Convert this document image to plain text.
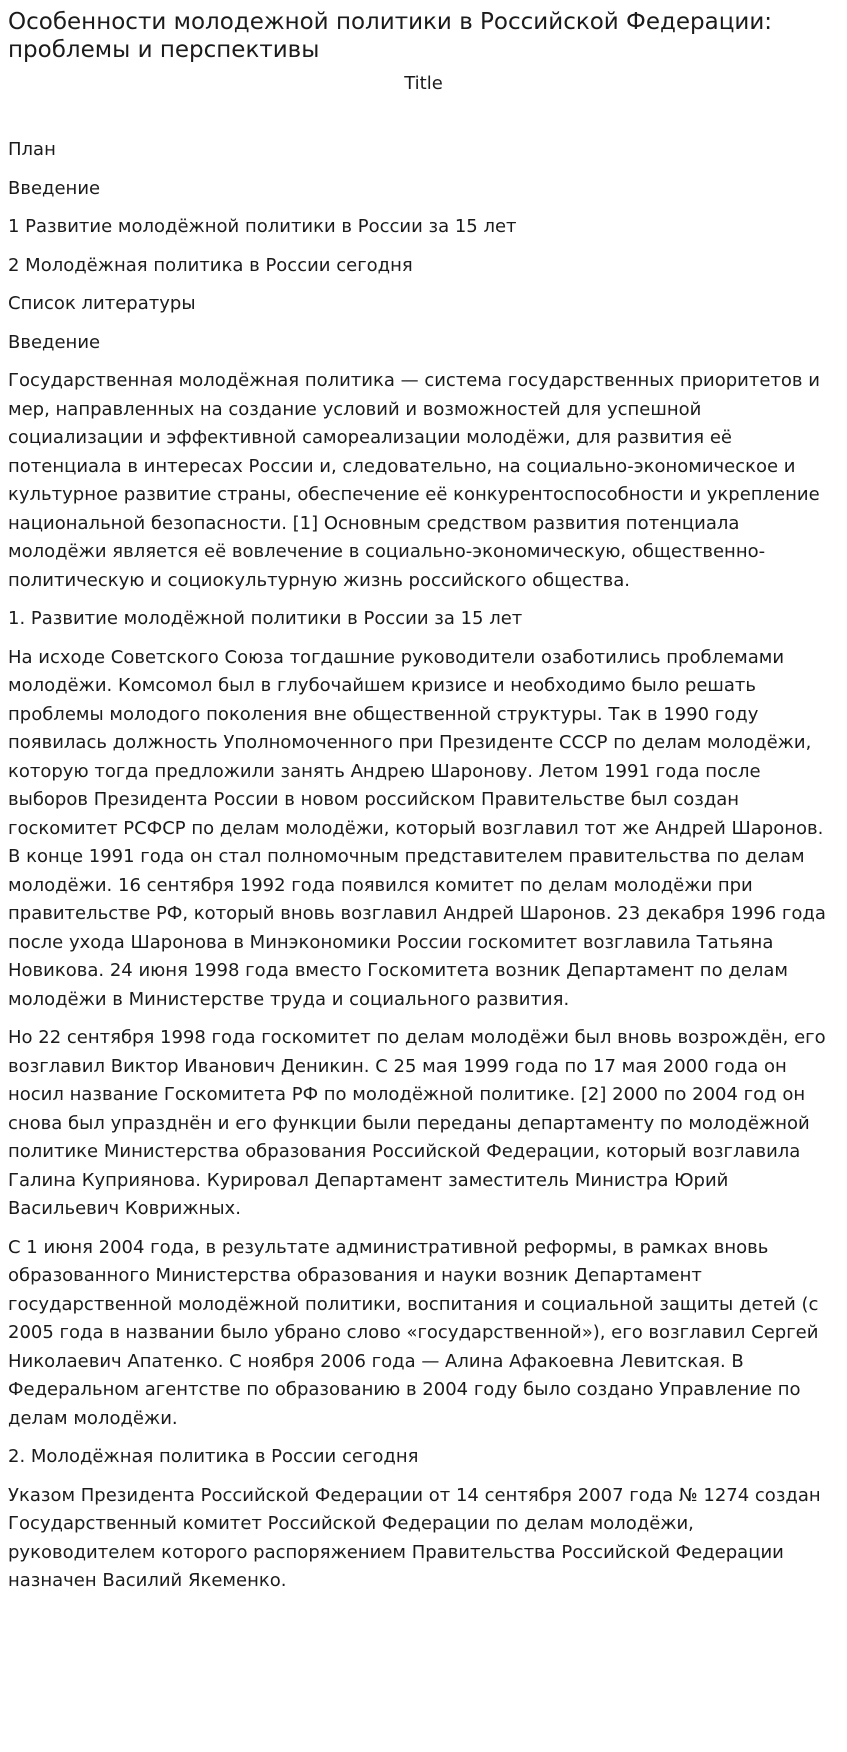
Особенности молодежной политики в Российской Федерации: проблемы и перспективы
Title

План

Введение

1 Развитие молодёжной политики в России за 15 лет

2 Молодёжная политика в России сегодня

Список литературы

Введение

Государственная молодёжная политика — система государственных приоритетов и мер, направленных на создание условий и возможностей для успешной социализации и эффективной самореализации молодёжи, для развития её потенциала в интересах России и, следовательно, на социально-экономическое и культурное развитие страны, обеспечение её конкурентоспособности и укрепление национальной безопасности. [1] Основным средством развития потенциала молодёжи является её вовлечение в социально-экономическую, общественно-политическую и социокультурную жизнь российского общества.

1. Развитие молодёжной политики в России за 15 лет

На исходе Советского Союза тогдашние руководители озаботились проблемами молодёжи. Комсомол был в глубочайшем кризисе и необходимо было решать проблемы молодого поколения вне общественной структуры. Так в 1990 году появилась должность Уполномоченного при Президенте СССР по делам молодёжи, которую тогда предложили занять Андрею Шаронову. Летом 1991 года после выборов Президента России в новом российском Правительстве был создан госкомитет РСФСР по делам молодёжи, который возглавил тот же Андрей Шаронов. В конце 1991 года он стал полномочным представителем правительства по делам молодёжи. 16 сентября 1992 года появился комитет по делам молодёжи при правительстве РФ, который вновь возглавил Андрей Шаронов. 23 декабря 1996 года после ухода Шаронова в Минэкономики России госкомитет возглавила Татьяна Новикова. 24 июня 1998 года вместо Госкомитета возник Департамент по делам молодёжи в Министерстве труда и социального развития.

Но 22 сентября 1998 года госкомитет по делам молодёжи был вновь возрождён, его возглавил Виктор Иванович Деникин. С 25 мая 1999 года по 17 мая 2000 года он носил название Госкомитета РФ по молодёжной политике. [2] 2000 по 2004 год он снова был упразднён и его функции были переданы департаменту по молодёжной политике Министерства образования Российской Федерации, который возглавила Галина Куприянова. Курировал Департамент заместитель Министра Юрий Васильевич Коврижных.

С 1 июня 2004 года, в результате административной реформы, в рамках вновь образованного Министерства образования и науки возник Департамент государственной молодёжной политики, воспитания и социальной защиты детей (с 2005 года в названии было убрано слово «государственной»), его возглавил Сергей Николаевич Апатенко. С ноября 2006 года — Алина Афакоевна Левитская. В Федеральном агентстве по образованию в 2004 году было создано Управление по делам молодёжи.

2. Молодёжная политика в России сегодня

Указом Президента Российской Федерации от 14 сентября 2007 года № 1274 создан Государственный комитет Российской Федерации по делам молодёжи, руководителем которого распоряжением Правительства Российской Федерации назначен Василий Якеменко.
